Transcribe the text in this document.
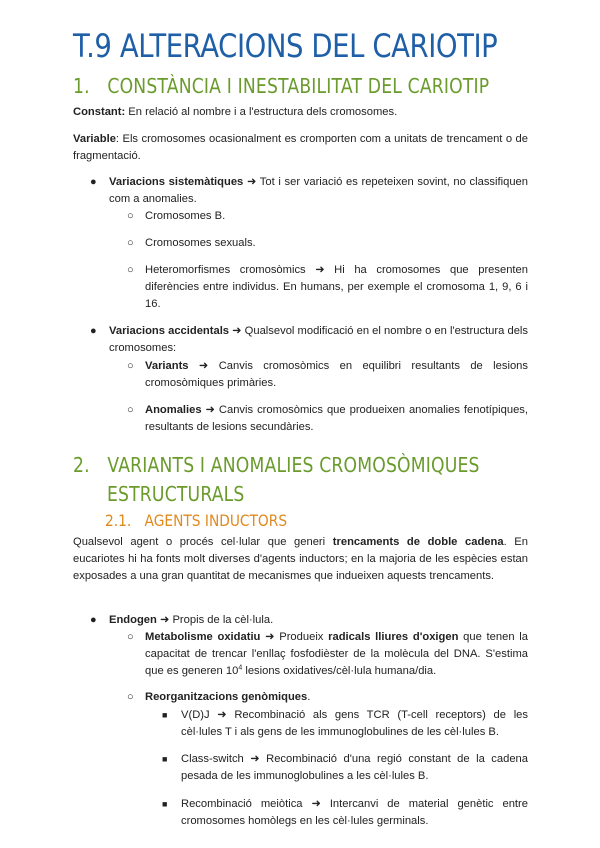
T.9 ALTERACIONS DEL CARIOTIP
1. CONSTÀNCIA I INESTABILITAT DEL CARIOTIP
Constant: En relació al nombre i a l'estructura dels cromosomes.
Variable: Els cromosomes ocasionalment es cromporten com a unitats de trencament o de fragmentació.
● Variacions sistemàtiques ➜ Tot i ser variació es repeteixen sovint, no classifiquen com a anomalies.
○ Cromosomes B.
○ Cromosomes sexuals.
○ Heteromorfismes cromosòmics ➜ Hi ha cromosomes que presenten diferències entre individus. En humans, per exemple el cromosoma 1, 9, 6 i 16.
● Variacions accidentals ➜ Qualsevol modificació en el nombre o en l'estructura dels cromosomes:
○ Variants ➜ Canvis cromosòmics en equilibri resultants de lesions cromosòmiques primàries.
○ Anomalies ➜ Canvis cromosòmics que produeixen anomalies fenotípiques, resultants de lesions secundàries.
2. VARIANTS I ANOMALIES CROMOSÒMIQUES
ESTRUCTURALS
2.1. AGENTS INDUCTORS
Qualsevol agent o procés cel·lular que generi trencaments de doble cadena. En eucariotes hi ha fonts molt diverses d'agents inductors; en la majoria de les espècies estan exposades a una gran quantitat de mecanismes que indueixen aquests trencaments.
● Endogen ➜ Propis de la cèl·lula.
○ Metabolisme oxidatiu ➜ Produeix radicals lliures d'oxigen que tenen la capacitat de trencar l'enllaç fosfodièster de la molècula del DNA. S'estima que es generen $10^4$ lesions oxidatives/cèl·lula humana/dia.
○ Reorganitzacions genòmiques.
■ V(D)J ➜ Recombinació als gens TCR (T-cell receptors) de les cèl·lules T i als gens de les immunoglobulines de les cèl·lules B.
■ Class-switch ➜ Recombinació d'una regió constant de la cadena pesada de les immunoglobulines a les cèl·lules B.
■ Recombinació meiòtica ➜ Intercanvi de material genètic entre cromosomes homòlegs en les cèl·lules germinals.
